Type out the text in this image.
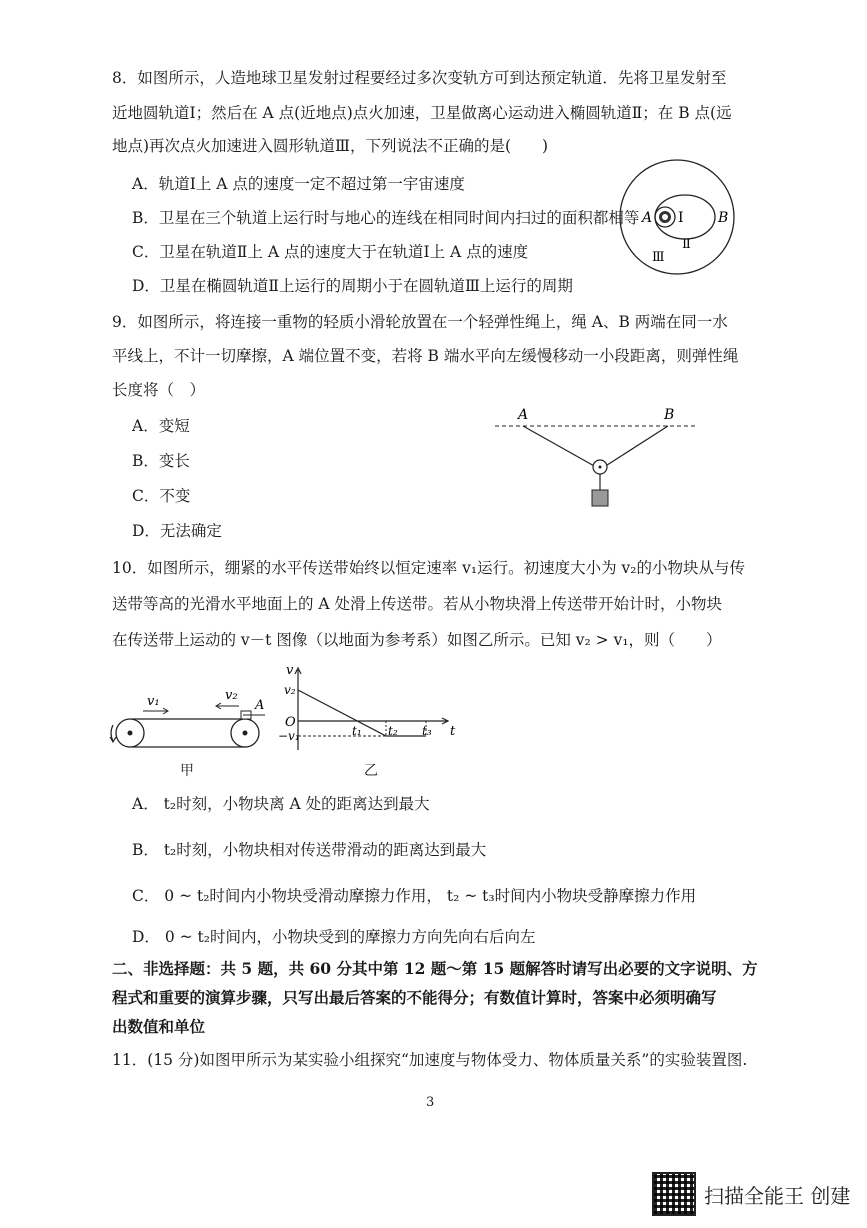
8．如图所示，人造地球卫星发射过程要经过多次变轨方可到达预定轨道．先将卫星发射至
近地圆轨道Ⅰ；然后在 A 点(近地点)点火加速，卫星做离心运动进入椭圆轨道Ⅱ；在 B 点(远
地点)再次点火加速进入圆形轨道Ⅲ，下列说法不正确的是(　　)
A．轨道Ⅰ上 A 点的速度一定不超过第一宇宙速度
B．卫星在三个轨道上运行时与地心的连线在相同时间内扫过的面积都相等
C．卫星在轨道Ⅱ上 A 点的速度大于在轨道Ⅰ上 A 点的速度
D．卫星在椭圆轨道Ⅱ上运行的周期小于在圆轨道Ⅲ上运行的周期
A Ⅰ B
Ⅱ
Ⅲ
9．如图所示，将连接一重物的轻质小滑轮放置在一个轻弹性绳上，绳 A、B 两端在同一水
平线上，不计一切摩擦，A 端位置不变，若将 B 端水平向左缓慢移动一小段距离，则弹性绳
长度将（　）
A．变短
B．变长
C．不变
D．无法确定
A	B
10．如图所示，绷紧的水平传送带始终以恒定速率 v₁运行。初速度大小为 v₂的小物块从与传
送带等高的光滑水平地面上的 A 处滑上传送带。若从小物块滑上传送带开始计时，小物块
在传送带上运动的 v－t 图像（以地面为参考系）如图乙所示。已知 v₂ > v₁，则（　　）
v₁	v₂
A
甲
v
t
O
v₂
−v₁	t₁ t₂ t₃
乙
A． t₂时刻，小物块离 A 处的距离达到最大
B． t₂时刻，小物块相对传送带滑动的距离达到最大
C． 0 ~ t₂时间内小物块受滑动摩擦力作用， t₂ ~ t₃时间内小物块受静摩擦力作用
D． 0 ~ t₂时间内，小物块受到的摩擦力方向先向右后向左
二、非选择题：共 5 题，共 60 分其中第 12 题～第 15 题解答时请写出必要的文字说明、方
程式和重要的演算步骤，只写出最后答案的不能得分；有数值计算时，答案中必须明确写
出数值和单位
11．(15 分)如图甲所示为某实验小组探究“加速度与物体受力、物体质量关系”的实验装置图.
3
扫描全能王 创建
